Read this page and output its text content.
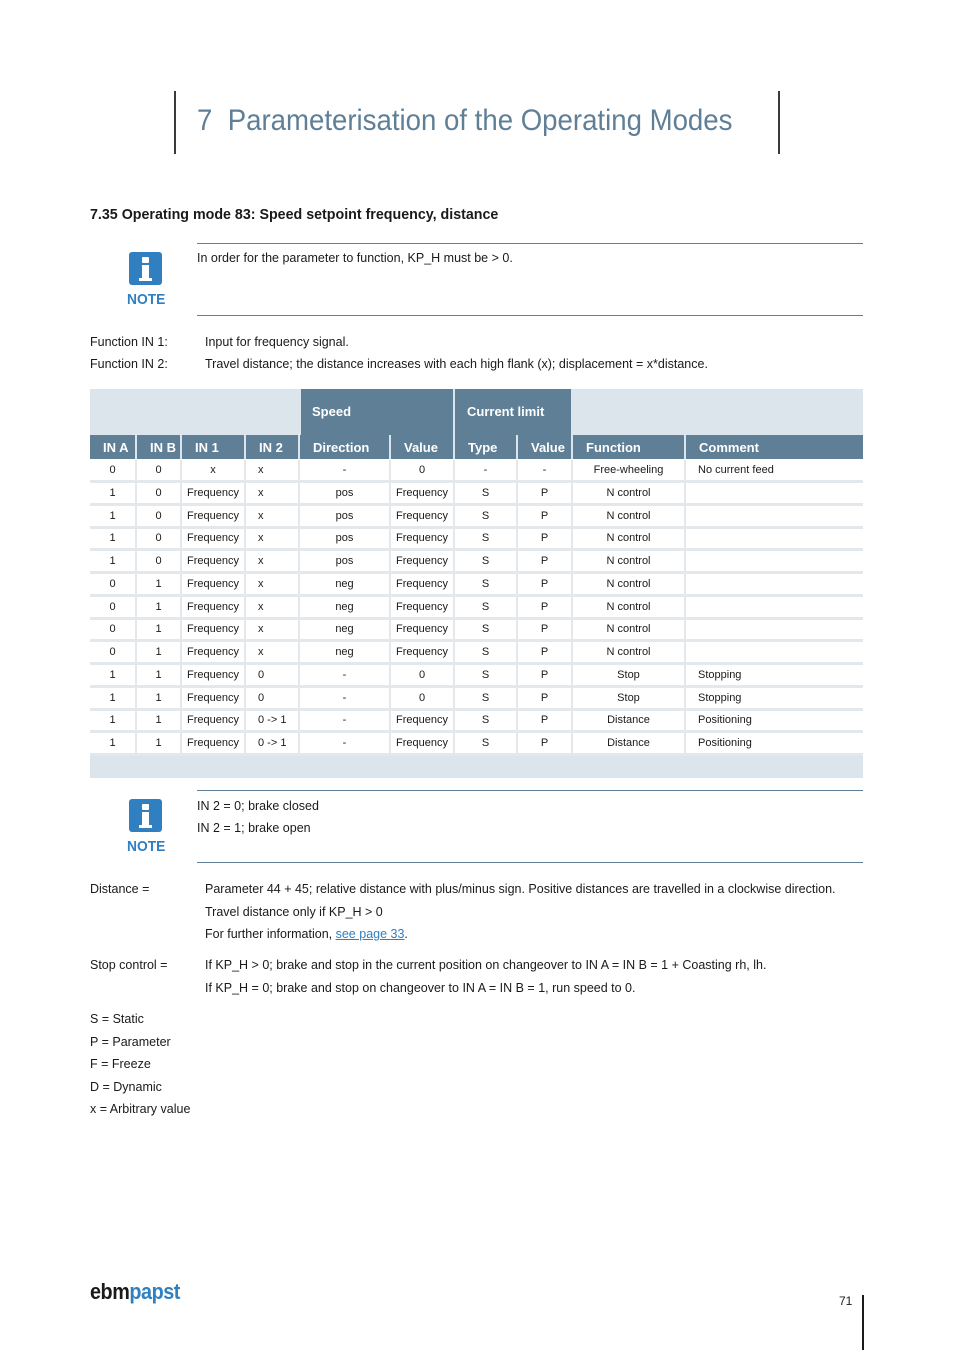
7 Parameterisation of the Operating Modes
7.35 Operating mode 83: Speed setpoint frequency, distance
NOTE
In order for the parameter to function, KP_H must be > 0.
Function IN 1:	Input for frequency signal.
Function IN 2:	Travel distance; the distance increases with each high flank (x); displacement = x*distance.
Speed	Current limit
IN A	IN B	IN 1	IN 2	Direction	Value	Type	Value	Function	Comment
0	0	x	x	-	0	-	-	Free-wheeling	No current feed
1	0	Frequency	x	pos	Frequency	S	P	N control
1	0	Frequency	x	pos	Frequency	S	P	N control
1	0	Frequency	x	pos	Frequency	S	P	N control
1	0	Frequency	x	pos	Frequency	S	P	N control
0	1	Frequency	x	neg	Frequency	S	P	N control
0	1	Frequency	x	neg	Frequency	S	P	N control
0	1	Frequency	x	neg	Frequency	S	P	N control
0	1	Frequency	x	neg	Frequency	S	P	N control
1	1	Frequency	0	-	0	S	P	Stop	Stopping
1	1	Frequency	0	-	0	S	P	Stop	Stopping
1	1	Frequency	0 -> 1	-	Frequency	S	P	Distance	Positioning
1	1	Frequency	0 -> 1	-	Frequency	S	P	Distance	Positioning
NOTE
IN 2 = 0; brake closed
IN 2 = 1; brake open
Distance =	Parameter 44 + 45; relative distance with plus/minus sign. Positive distances are travelled in a clockwise direction.
Travel distance only if KP_H > 0
For further information, see page 33.
Stop control =	If KP_H > 0; brake and stop in the current position on changeover to IN A = IN B = 1 + Coasting rh, lh.
If KP_H = 0; brake and stop on changeover to IN A = IN B = 1, run speed to 0.
S = Static
P = Parameter
F = Freeze
D = Dynamic
x = Arbitrary value
ebmpapst	71
